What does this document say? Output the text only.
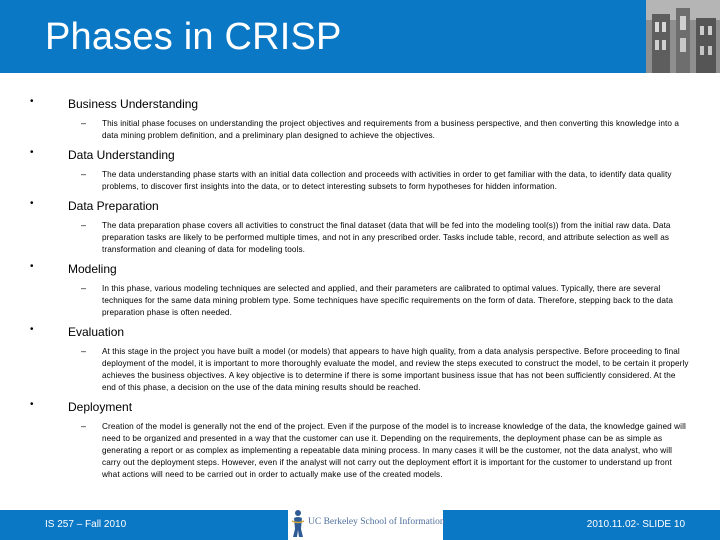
Phases in CRISP
•	Business Understanding
– This initial phase focuses on understanding the project objectives and requirements from a business perspective, and then converting this knowledge into a data mining problem definition, and a preliminary plan designed to achieve the objectives.
•	Data Understanding
– The data understanding phase starts with an initial data collection and proceeds with activities in order to get familiar with the data, to identify data quality problems, to discover first insights into the data, or to detect interesting subsets to form hypotheses for hidden information.
•	Data Preparation
– The data preparation phase covers all activities to construct the final dataset (data that will be fed into the modeling tool(s)) from the initial raw data. Data preparation tasks are likely to be performed multiple times, and not in any prescribed order. Tasks include table, record, and attribute selection as well as transformation and cleaning of data for modeling tools.
•	Modeling
– In this phase, various modeling techniques are selected and applied, and their parameters are calibrated to optimal values. Typically, there are several techniques for the same data mining problem type. Some techniques have specific requirements on the form of data. Therefore, stepping back to the data preparation phase is often needed.
•	Evaluation
– At this stage in the project you have built a model (or models) that appears to have high quality, from a data analysis perspective. Before proceeding to final deployment of the model, it is important to more thoroughly evaluate the model, and review the steps executed to construct the model, to be certain it properly achieves the business objectives. A key objective is to determine if there is some important business issue that has not been sufficiently considered. At the end of this phase, a decision on the use of the data mining results should be reached.
•	Deployment
– Creation of the model is generally not the end of the project. Even if the purpose of the model is to increase knowledge of the data, the knowledge gained will need to be organized and presented in a way that the customer can use it. Depending on the requirements, the deployment phase can be as simple as generating a report or as complex as implementing a repeatable data mining process. In many cases it will be the customer, not the data analyst, who will carry out the deployment steps. However, even if the analyst will not carry out the deployment effort it is important for the customer to understand up front what actions will need to be carried out in order to actually make use of the created models.
IS 257 – Fall 2010	2010.11.02- SLIDE 10
UC Berkeley School of Information
